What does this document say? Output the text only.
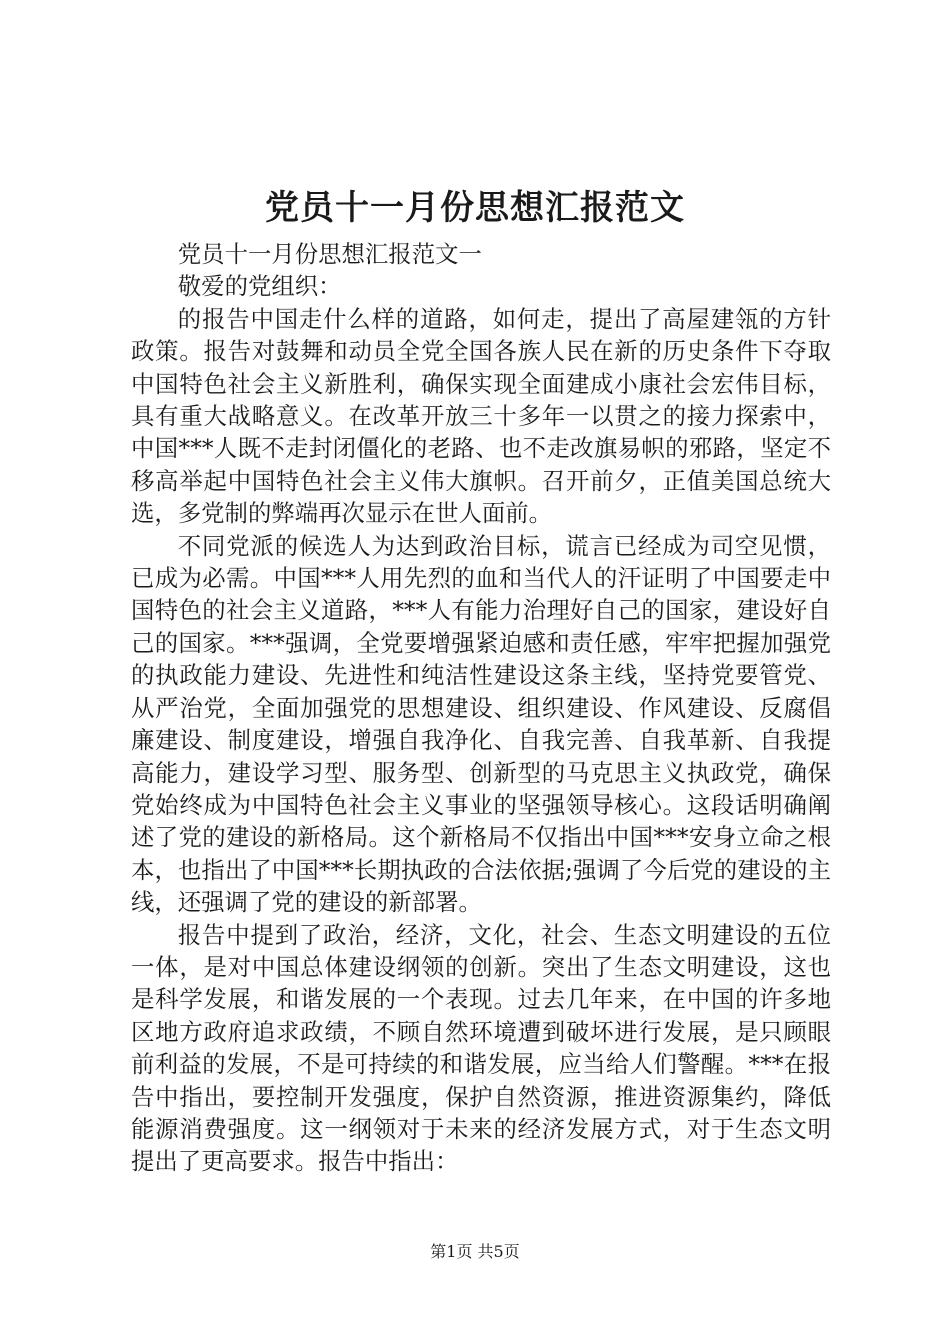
党员十一月份思想汇报范文

党员十一月份思想汇报范文一

敬爱的党组织：

的报告中国走什么样的道路，如何走，提出了高屋建瓴的方针政策。报告对鼓舞和动员全党全国各族人民在新的历史条件下夺取中国特色社会主义新胜利，确保实现全面建成小康社会宏伟目标，具有重大战略意义。在改革开放三十多年一以贯之的接力探索中，中国***人既不走封闭僵化的老路、也不走改旗易帜的邪路，坚定不移高举起中国特色社会主义伟大旗帜。召开前夕，正值美国总统大选，多党制的弊端再次显示在世人面前。

不同党派的候选人为达到政治目标，谎言已经成为司空见惯，已成为必需。中国***人用先烈的血和当代人的汗证明了中国要走中国特色的社会主义道路，***人有能力治理好自己的国家，建设好自己的国家。***强调，全党要增强紧迫感和责任感，牢牢把握加强党的执政能力建设、先进性和纯洁性建设这条主线，坚持党要管党、从严治党，全面加强党的思想建设、组织建设、作风建设、反腐倡廉建设、制度建设，增强自我净化、自我完善、自我革新、自我提高能力，建设学习型、服务型、创新型的马克思主义执政党，确保党始终成为中国特色社会主义事业的坚强领导核心。这段话明确阐述了党的建设的新格局。这个新格局不仅指出中国***安身立命之根本，也指出了中国***长期执政的合法依据;强调了今后党的建设的主线，还强调了党的建设的新部署。

报告中提到了政治，经济，文化，社会、生态文明建设的五位一体，是对中国总体建设纲领的创新。突出了生态文明建设，这也是科学发展，和谐发展的一个表现。过去几年来，在中国的许多地区地方政府追求政绩，不顾自然环境遭到破坏进行发展，是只顾眼前利益的发展，不是可持续的和谐发展，应当给人们警醒。***在报告中指出，要控制开发强度，保护自然资源，推进资源集约，降低能源消费强度。这一纲领对于未来的经济发展方式，对于生态文明提出了更高要求。报告中指出：

第1页 共5页
